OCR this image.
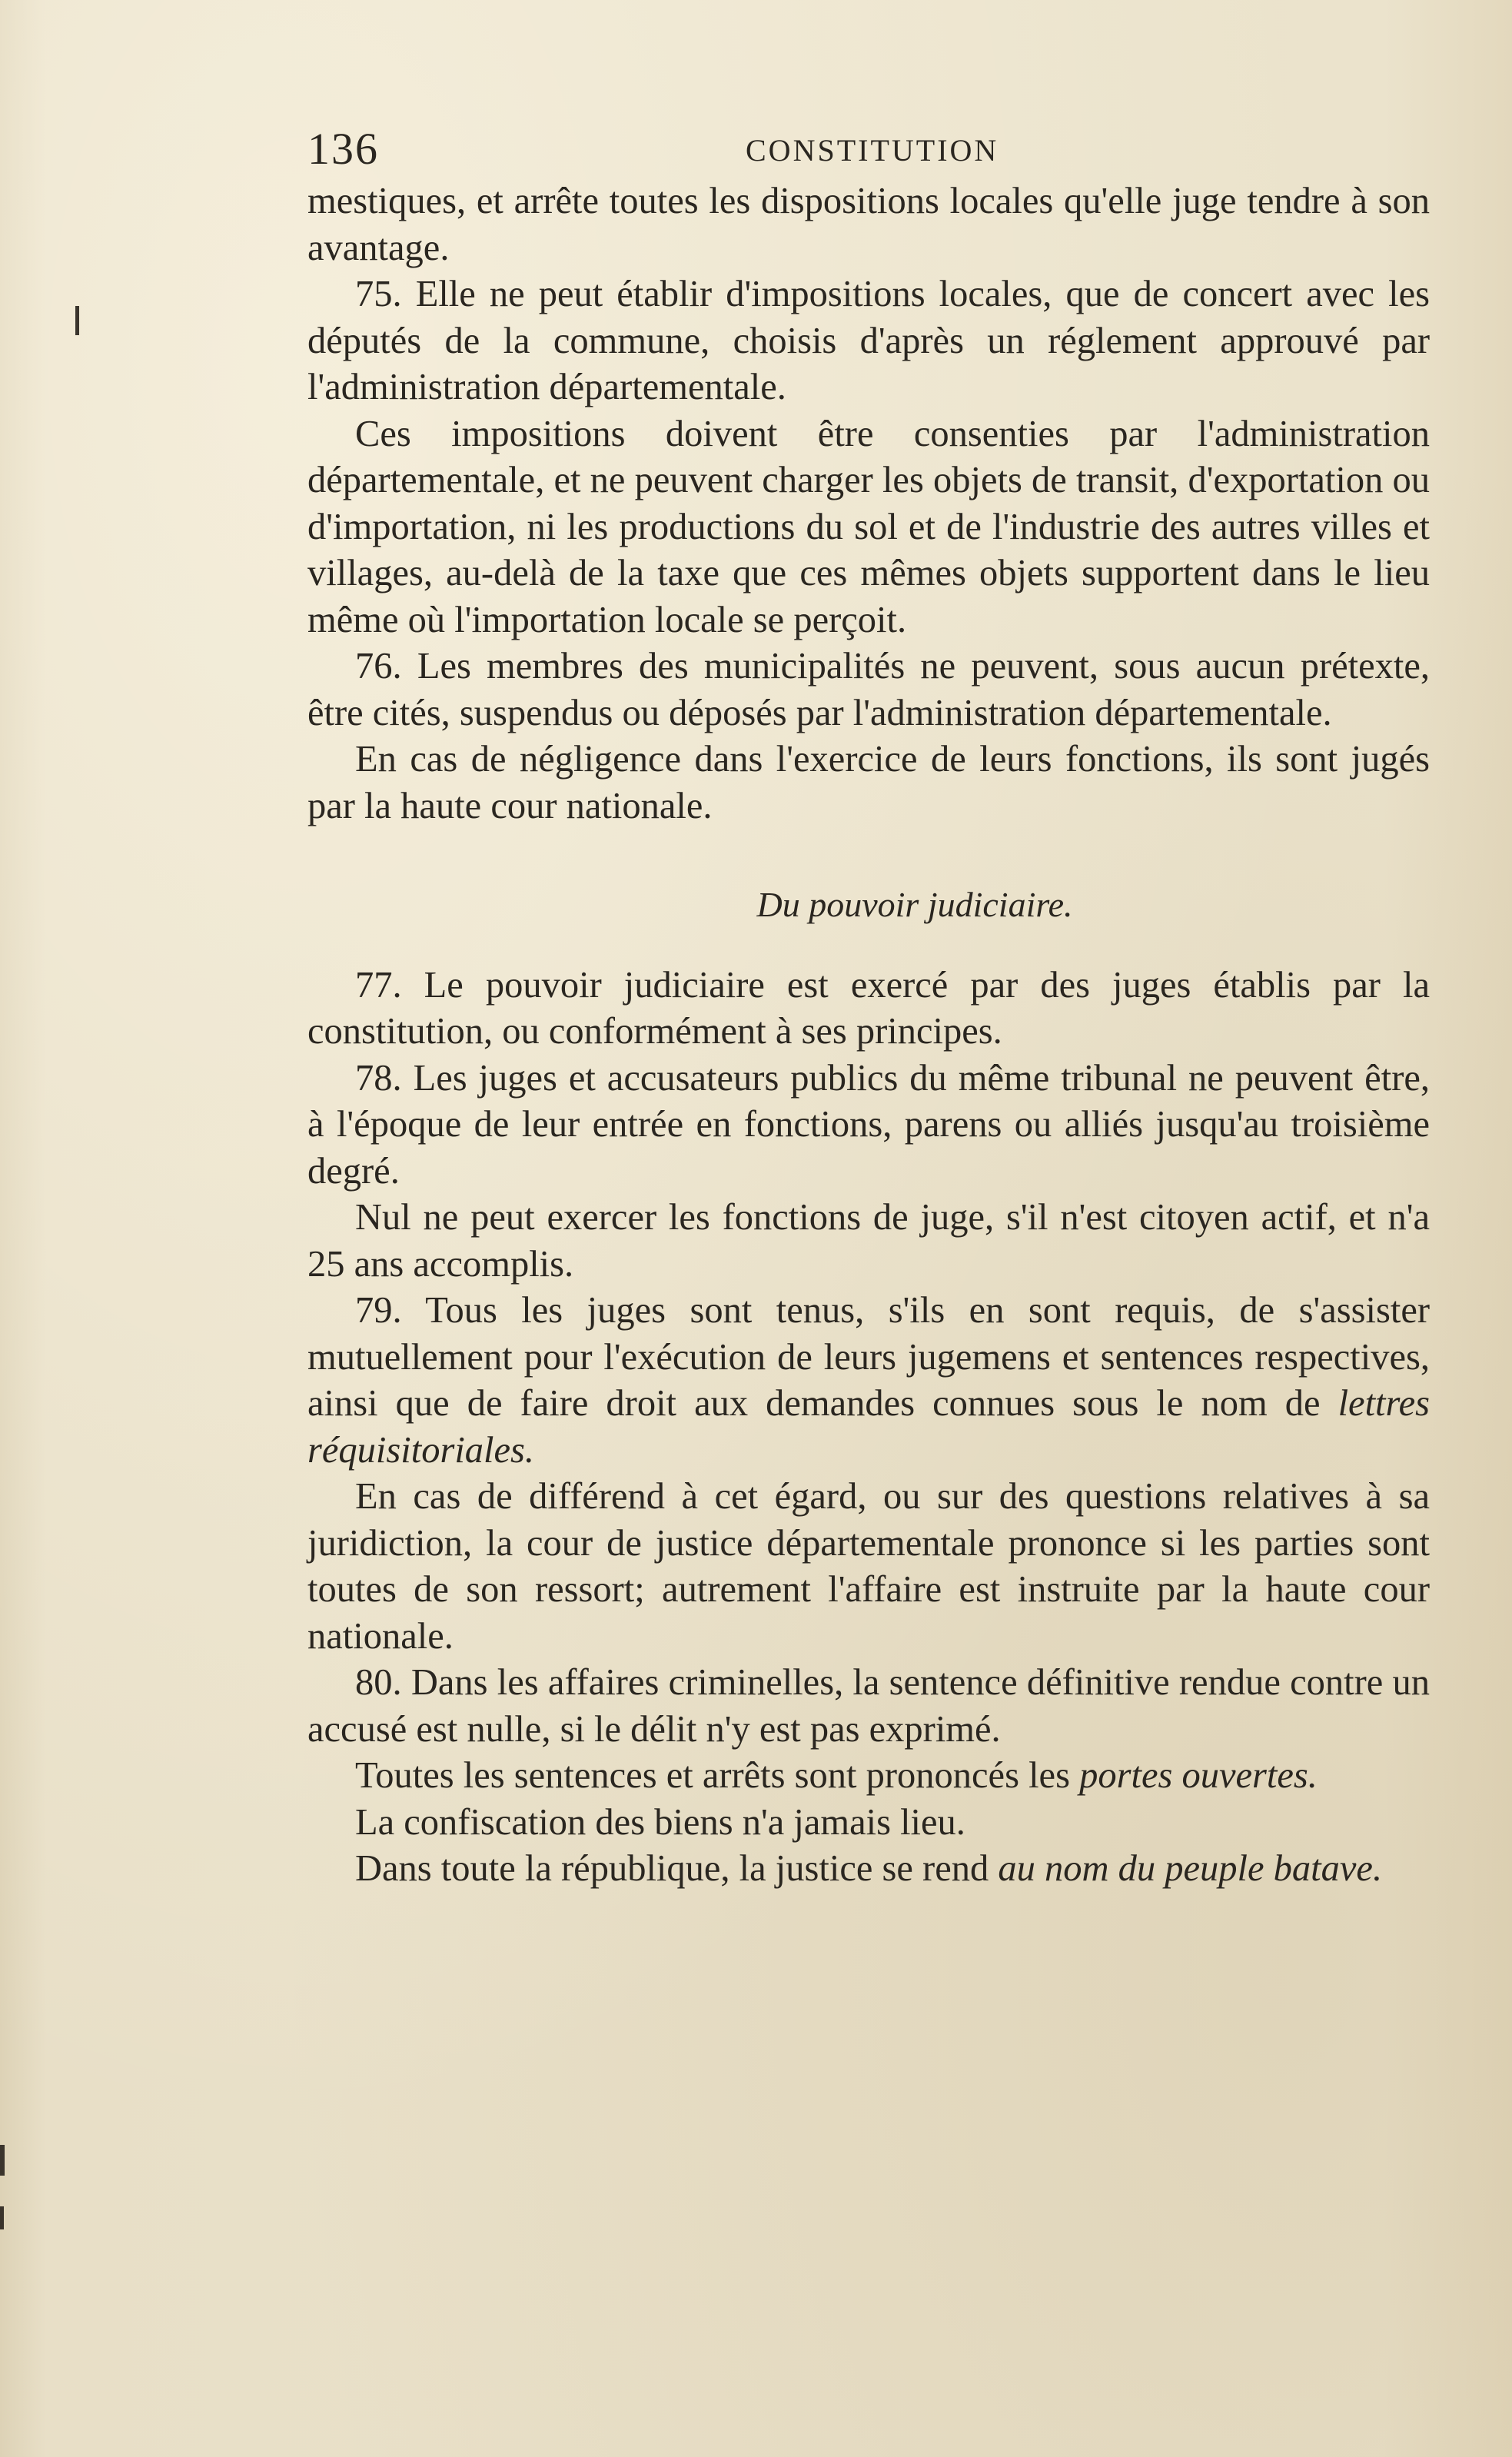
136	CONSTITUTION

mestiques, et arrête toutes les dispositions locales qu'elle juge tendre à son avantage.

75. Elle ne peut établir d'impositions locales, que de concert avec les députés de la commune, choisis d'après un réglement approuvé par l'administration départementale.

Ces impositions doivent être consenties par l'administration départementale, et ne peuvent charger les objets de transit, d'exportation ou d'importation, ni les productions du sol et de l'industrie des autres villes et villages, au-delà de la taxe que ces mêmes objets supportent dans le lieu même où l'importation locale se perçoit.

76. Les membres des municipalités ne peuvent, sous aucun prétexte, être cités, suspendus ou déposés par l'administration départementale.

En cas de négligence dans l'exercice de leurs fonctions, ils sont jugés par la haute cour nationale.

Du pouvoir judiciaire.

77. Le pouvoir judiciaire est exercé par des juges établis par la constitution, ou conformément à ses principes.

78. Les juges et accusateurs publics du même tribunal ne peuvent être, à l'époque de leur entrée en fonctions, parens ou alliés jusqu'au troisième degré.

Nul ne peut exercer les fonctions de juge, s'il n'est citoyen actif, et n'a 25 ans accomplis.

79. Tous les juges sont tenus, s'ils en sont requis, de s'assister mutuellement pour l'exécution de leurs jugemens et sentences respectives, ainsi que de faire droit aux demandes connues sous le nom de lettres réquisitoriales.

En cas de différend à cet égard, ou sur des questions relatives à sa juridiction, la cour de justice départementale prononce si les parties sont toutes de son ressort; autrement l'affaire est instruite par la haute cour nationale.

80. Dans les affaires criminelles, la sentence définitive rendue contre un accusé est nulle, si le délit n'y est pas exprimé.

Toutes les sentences et arrêts sont prononcés les portes ouvertes.

La confiscation des biens n'a jamais lieu.

Dans toute la république, la justice se rend au nom du peuple batave.
